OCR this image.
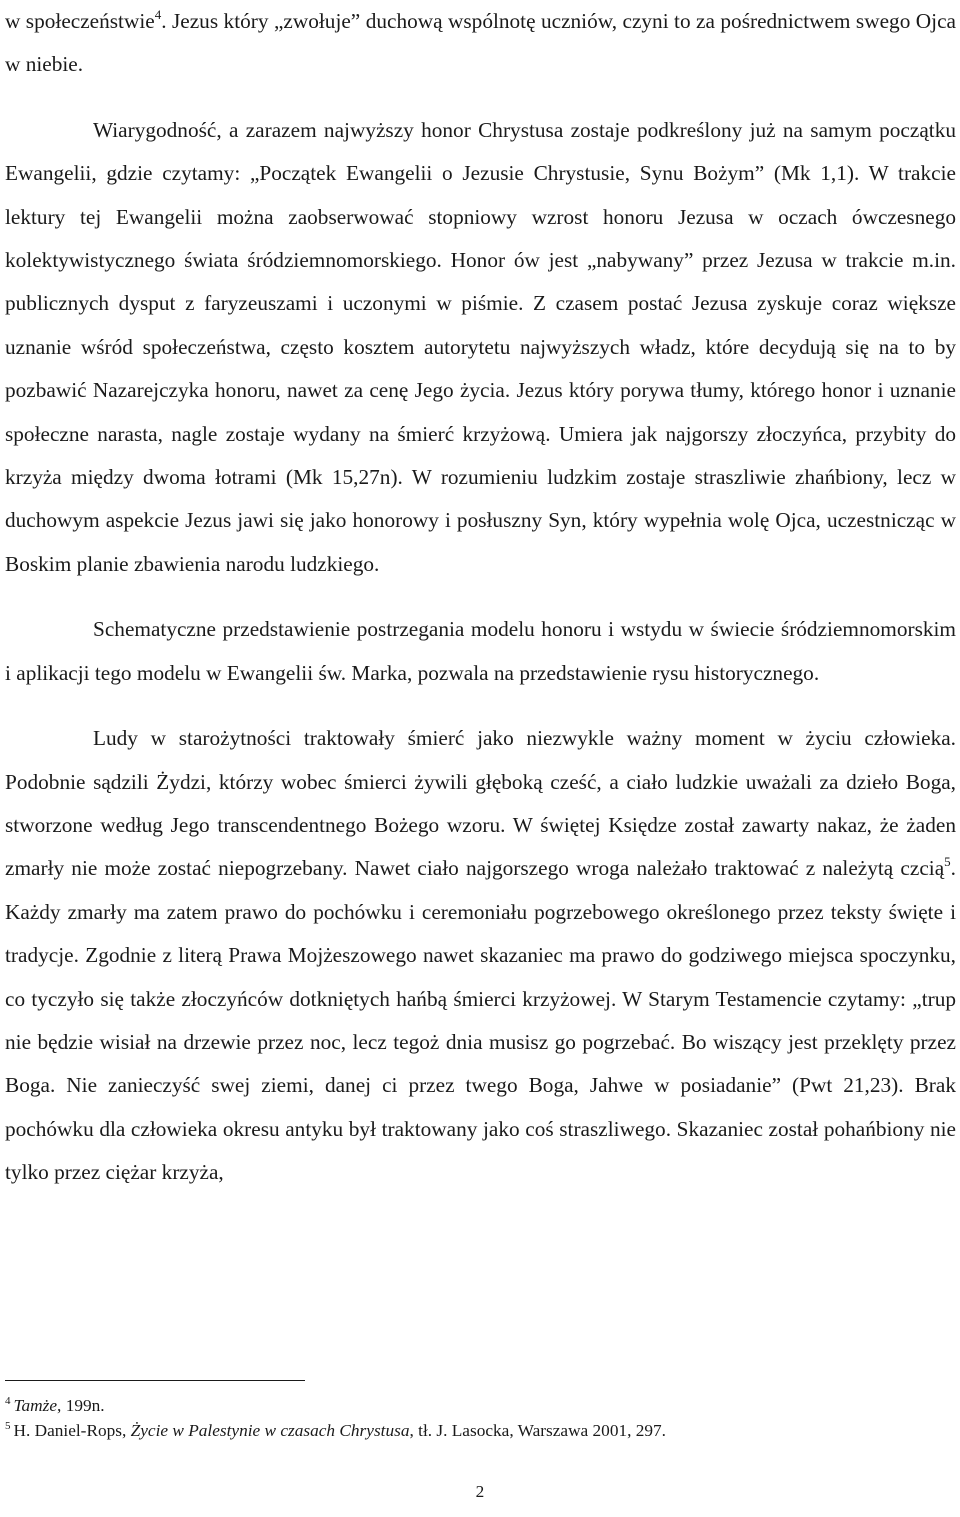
w społeczeństwie$^4$. Jezus który „zwołuje” duchową wspólnotę uczniów, czyni to za pośrednictwem swego Ojca w niebie.

Wiarygodność, a zarazem najwyższy honor Chrystusa zostaje podkreślony już na samym początku Ewangelii, gdzie czytamy: „Początek Ewangelii o Jezusie Chrystusie, Synu Bożym” (Mk 1,1). W trakcie lektury tej Ewangelii można zaobserwować stopniowy wzrost honoru Jezusa w oczach ówczesnego kolektywistycznego świata śródziemnomorskiego. Honor ów jest „nabywany” przez Jezusa w trakcie m.in. publicznych dysput z faryzeuszami i uczonymi w piśmie. Z czasem postać Jezusa zyskuje coraz większe uznanie wśród społeczeństwa, często kosztem autorytetu najwyższych władz, które decydują się na to by pozbawić Nazarejczyka honoru, nawet za cenę Jego życia. Jezus który porywa tłumy, którego honor i uznanie społeczne narasta, nagle zostaje wydany na śmierć krzyżową. Umiera jak najgorszy złoczyńca, przybity do krzyża między dwoma łotrami (Mk 15,27n). W rozumieniu ludzkim zostaje straszliwie zhańbiony, lecz w duchowym aspekcie Jezus jawi się jako honorowy i posłuszny Syn, który wypełnia wolę Ojca, uczestnicząc w Boskim planie zbawienia narodu ludzkiego.

Schematyczne przedstawienie postrzegania modelu honoru i wstydu w świecie śródziemnomorskim i aplikacji tego modelu w Ewangelii św. Marka, pozwala na przedstawienie rysu historycznego.

Ludy w starożytności traktowały śmierć jako niezwykle ważny moment w życiu człowieka. Podobnie sądzili Żydzi, którzy wobec śmierci żywili głęboką cześć, a ciało ludzkie uważali za dzieło Boga, stworzone według Jego transcendentnego Bożego wzoru. W świętej Księdze został zawarty nakaz, że żaden zmarły nie może zostać niepogrzebany. Nawet ciało najgorszego wroga należało traktować z należytą czcią$^5$. Każdy zmarły ma zatem prawo do pochówku i ceremoniału pogrzebowego określonego przez teksty święte i tradycje. Zgodnie z literą Prawa Mojżeszowego nawet skazaniec ma prawo do godziwego miejsca spoczynku, co tyczyło się także złoczyńców dotkniętych hańbą śmierci krzyżowej. W Starym Testamencie czytamy: „trup nie będzie wisiał na drzewie przez noc, lecz tegoż dnia musisz go pogrzebać. Bo wiszący jest przeklęty przez Boga. Nie zanieczyść swej ziemi, danej ci przez twego Boga, Jahwe w posiadanie” (Pwt 21,23). Brak pochówku dla człowieka okresu antyku był traktowany jako coś straszliwego. Skazaniec został pohańbiony nie tylko przez ciężar krzyża,

$^4$ Tamże, 199n.
$^5$ H. Daniel-Rops, Życie w Palestynie w czasach Chrystusa, tł. J. Lasocka, Warszawa 2001, 297.
2
